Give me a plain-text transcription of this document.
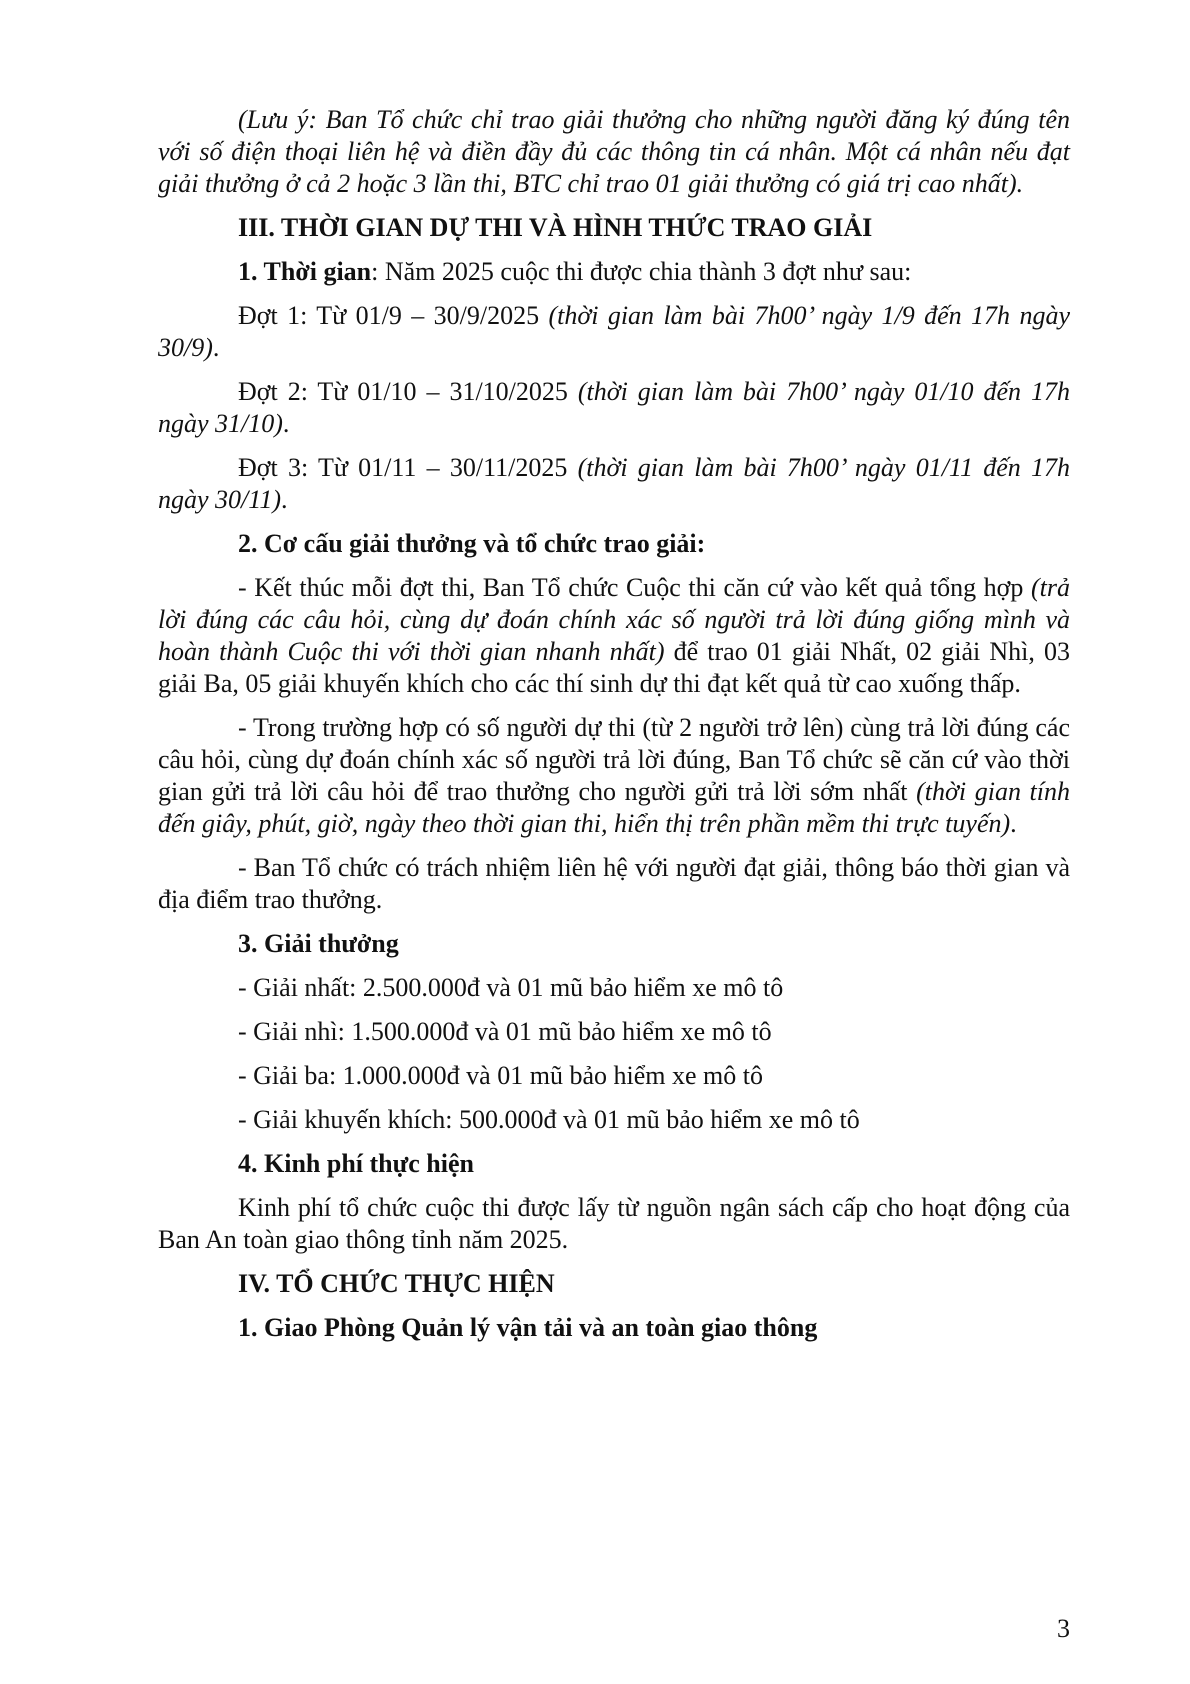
(Lưu ý: Ban Tổ chức chỉ trao giải thưởng cho những người đăng ký đúng tên với số điện thoại liên hệ và điền đầy đủ các thông tin cá nhân. Một cá nhân nếu đạt giải thưởng ở cả 2 hoặc 3 lần thi, BTC chỉ trao 01 giải thưởng có giá trị cao nhất).

III. THỜI GIAN DỰ THI VÀ HÌNH THỨC TRAO GIẢI

1. Thời gian: Năm 2025 cuộc thi được chia thành 3 đợt như sau:

Đợt 1: Từ 01/9 – 30/9/2025 (thời gian làm bài 7h00’ ngày 1/9 đến 17h ngày 30/9).

Đợt 2: Từ 01/10 – 31/10/2025 (thời gian làm bài 7h00’ ngày 01/10 đến 17h ngày 31/10).

Đợt 3: Từ 01/11 – 30/11/2025 (thời gian làm bài 7h00’ ngày 01/11 đến 17h ngày 30/11).

2. Cơ cấu giải thưởng và tổ chức trao giải:

- Kết thúc mỗi đợt thi, Ban Tổ chức Cuộc thi căn cứ vào kết quả tổng hợp (trả lời đúng các câu hỏi, cùng dự đoán chính xác số người trả lời đúng giống mình và hoàn thành Cuộc thi với thời gian nhanh nhất) để trao 01 giải Nhất, 02 giải Nhì, 03 giải Ba, 05 giải khuyến khích cho các thí sinh dự thi đạt kết quả từ cao xuống thấp.

- Trong trường hợp có số người dự thi (từ 2 người trở lên) cùng trả lời đúng các câu hỏi, cùng dự đoán chính xác số người trả lời đúng, Ban Tổ chức sẽ căn cứ vào thời gian gửi trả lời câu hỏi để trao thưởng cho người gửi trả lời sớm nhất (thời gian tính đến giây, phút, giờ, ngày theo thời gian thi, hiển thị trên phần mềm thi trực tuyến).

- Ban Tổ chức có trách nhiệm liên hệ với người đạt giải, thông báo thời gian và địa điểm trao thưởng.

3. Giải thưởng

- Giải nhất: 2.500.000đ và 01 mũ bảo hiểm xe mô tô

- Giải nhì: 1.500.000đ và 01 mũ bảo hiểm xe mô tô

- Giải ba: 1.000.000đ và 01 mũ bảo hiểm xe mô tô

- Giải khuyến khích: 500.000đ và 01 mũ bảo hiểm xe mô tô

4. Kinh phí thực hiện

Kinh phí tổ chức cuộc thi được lấy từ nguồn ngân sách cấp cho hoạt động của Ban An toàn giao thông tỉnh năm 2025.

IV. TỔ CHỨC THỰC HIỆN

1. Giao Phòng Quản lý vận tải và an toàn giao thông

3
